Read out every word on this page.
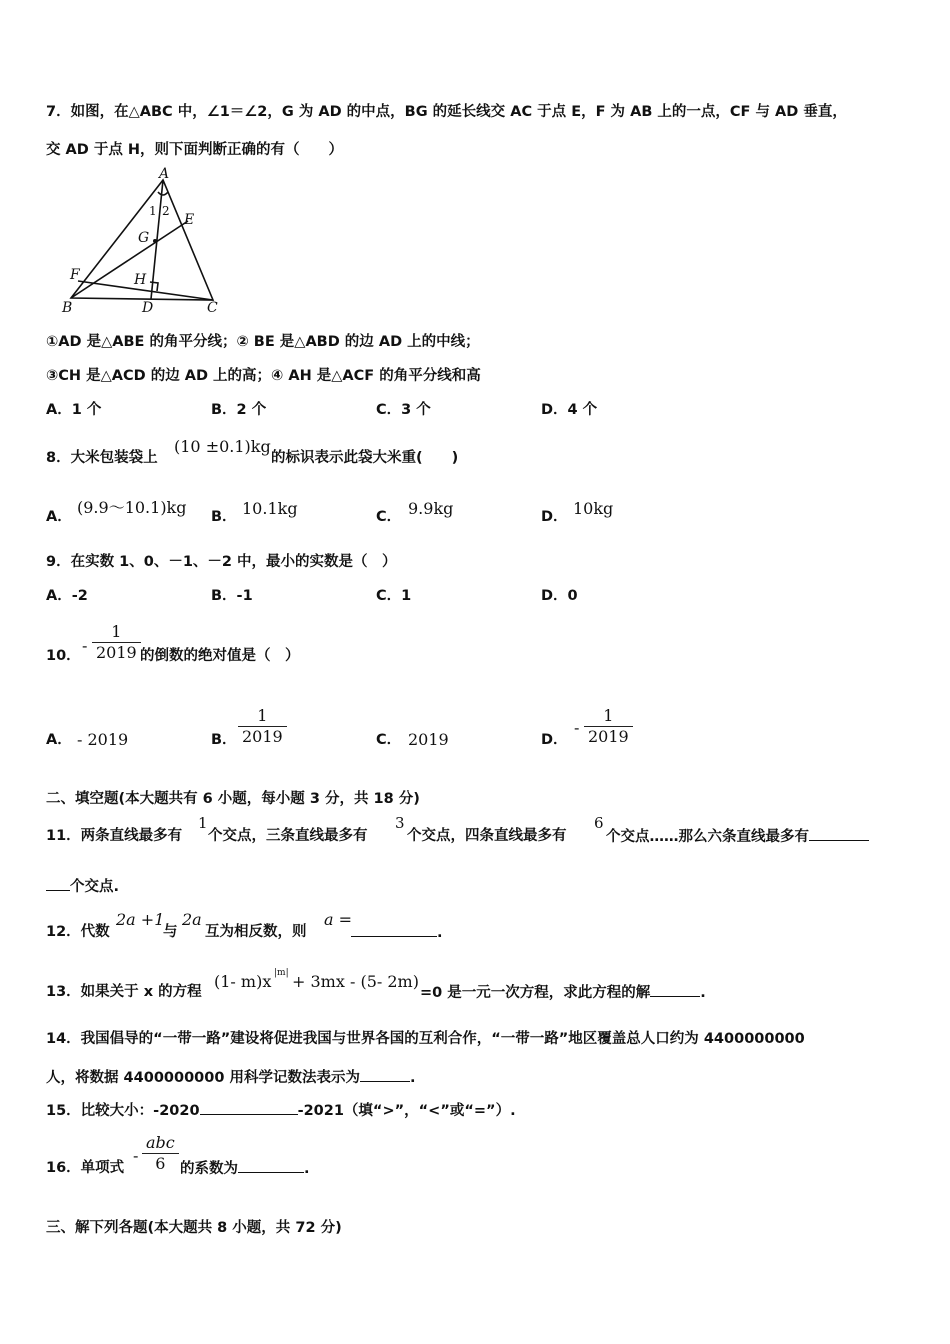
7．如图，在△ABC 中，∠1＝∠2，G 为 AD 的中点，BG 的延长线交 AC 于点 E，F 为 AB 上的一点，CF 与 AD 垂直，
交 AD 于点 H，则下面判断正确的有（　　）
A
B	C
D
E
F
G
H
1 2
①AD 是△ABE 的角平分线；② BE 是△ABD 的边 AD 上的中线；
③CH 是△ACD 的边 AD 上的高；④ AH 是△ACF 的角平分线和高
A．1 个	B．2 个	C．3 个	D．4 个
8．大米包装袋上
(10 ±0.1)kg
的标识表示此袋大米重(　　)
A． (9.9～10.1)kg B． 10.1kg	C． 9.9kg	D． 10kg
9．在实数 1、0、－1、－2 中，最小的实数是（　）
A．-2	B．-1	C．1	D．0
10．
-
1
2019 的倒数的绝对值是（　）
A． - 2019	B．
1
2019	C． 2019	D．
-
1
2019
二、填空题(本大题共有 6 小题，每小题 3 分，共 18 分)
11．两条直线最多有
1
个交点，三条直线最多有
3
个交点，四条直线最多有
6
个交点……那么六条直线最多有
个交点.
12．代数
2a +1
与
2a
互为相反数，则
a =
.
13．如果关于 x 的方程
(1- m)x |m| + 3mx - (5- 2m)
=0 是一元一次方程，求此方程的解	.
14．我国倡导的“一带一路”建设将促进我国与世界各国的互利合作，“一带一路”地区覆盖总人口约为 4400000000
人，将数据 4400000000 用科学记数法表示为	.
15．比较大小：-2020	-2021（填“>”，“<”或“=”）.
16．单项式
-
abc
6 的系数为	.
三、解下列各题(本大题共 8 小题，共 72 分)
